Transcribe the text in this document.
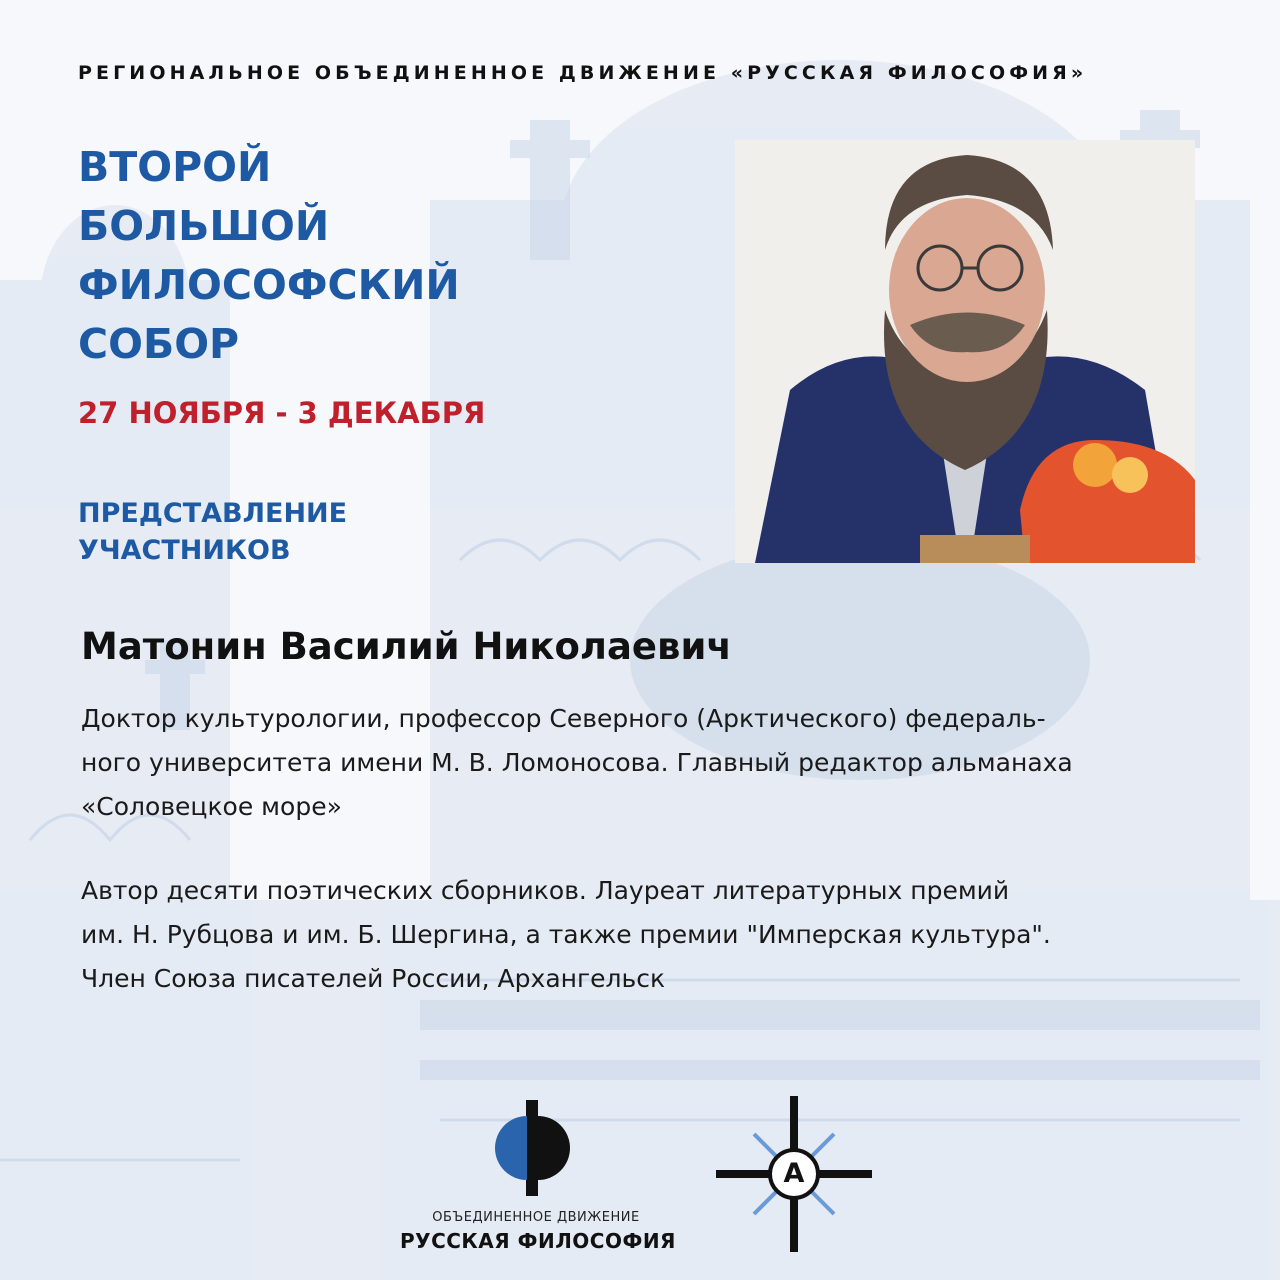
РЕГИОНАЛЬНОЕ ОБЪЕДИНЕННОЕ ДВИЖЕНИЕ «РУССКАЯ ФИЛОСОФИЯ»
ВТОРОЙ
БОЛЬШОЙ
ФИЛОСОФСКИЙ
СОБОР
27 НОЯБРЯ - 3 ДЕКАБРЯ
ПРЕДСТАВЛЕНИЕ
УЧАСТНИКОВ
Матонин Василий Николаевич
Доктор культурологии, профессор Северного (Арктического) федераль-
ного университета имени М. В. Ломоносова. Главный редактор альманаха
«Соловецкое море»
Автор десяти поэтических сборников. Лауреат литературных премий
им. Н. Рубцова и им. Б. Шергина, а также премии "Имперская культура".
Член Союза писателей России, Архангельск
ОБЪЕДИНЕННОЕ ДВИЖЕНИЕ
РУССКАЯ ФИЛОСОФИЯ
А
